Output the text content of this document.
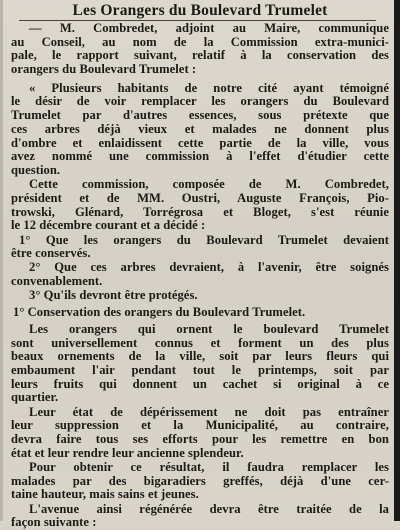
Les Orangers du Boulevard Trumelet
— M. Combredet, adjoint au Maire, communique
au Conseil, au nom de la Commission extra-munici-
pale, le rapport suivant, relatif à la conservation des
orangers du Boulevard Trumelet :
« Plusieurs habitants de notre cité ayant témoigné
le désir de voir remplacer les orangers du Boulevard
Trumelet par d'autres essences, sous prétexte que
ces arbres déjà vieux et malades ne donnent plus
d'ombre et enlaidissent cette partie de la ville, vous
avez nommé une commission à l'effet d'étudier cette
question.
Cette commission, composée de M. Combredet,
président et de MM. Oustri, Auguste François, Pio-
trowski, Glénard, Torrégrosa et Bloget, s'est réunie
le 12 décembre courant et a décidé :
1° Que les orangers du Boulevard Trumelet devaient
être conservés.
2° Que ces arbres devraient, à l'avenir, être soignés
convenablement.
3° Qu'ils devront être protégés.
1° Conservation des orangers du Boulevard Trumelet.
Les orangers qui ornent le boulevard Trumelet
sont universellement connus et forment un des plus
beaux ornements de la ville, soit par leurs fleurs qui
embaument l'air pendant tout le printemps, soit par
leurs fruits qui donnent un cachet si original à ce
quartier.
Leur état de dépérissement ne doit pas entraîner
leur suppression et la Municipalité, au contraire,
devra faire tous ses efforts pour les remettre en bon
état et leur rendre leur ancienne splendeur.
Pour obtenir ce résultat, il faudra remplacer les
malades par des bigaradiers greffés, déjà d'une cer-
taine hauteur, mais sains et jeunes.
L'avenue ainsi régénérée devra être traitée de la
façon suivante :
